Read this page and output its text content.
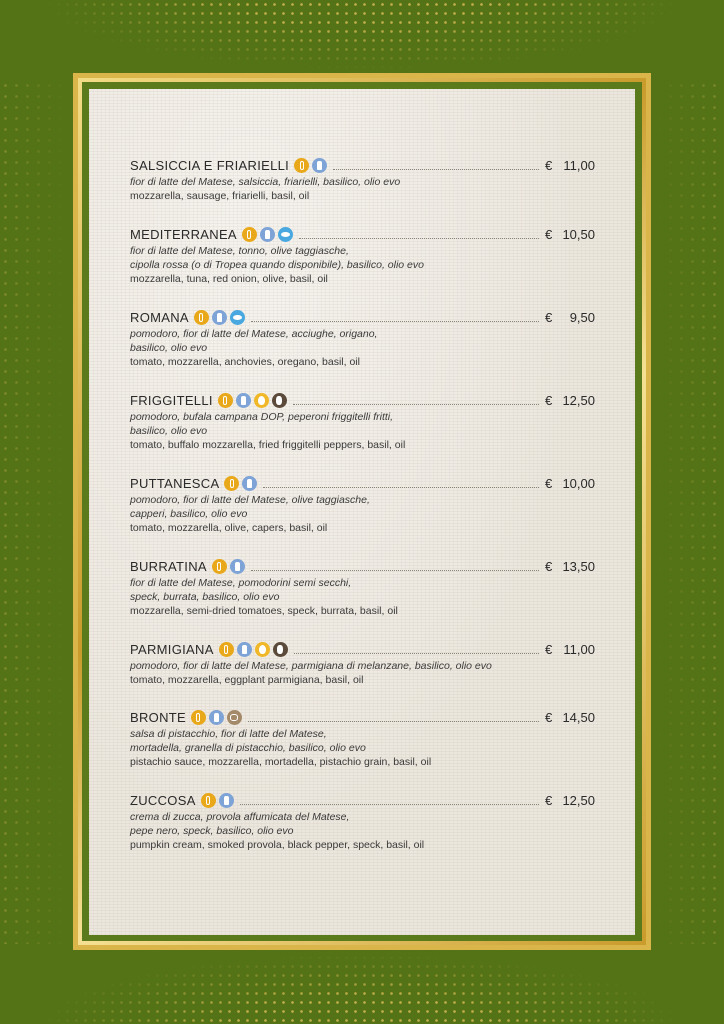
SALSICCIA E FRIARIELLI	€ 11,00
fior di latte del Matese, salsiccia, friarielli, basilico, olio evo
mozzarella, sausage, friarielli, basil, oil
MEDITERRANEA	€ 10,50
fior di latte del Matese, tonno, olive taggiasche,
cipolla rossa (o di Tropea quando disponibile), basilico, olio evo
mozzarella, tuna, red onion, olive, basil, oil
ROMANA	€ 9,50
pomodoro, fior di latte del Matese, acciughe, origano,
basilico, olio evo
tomato, mozzarella, anchovies, oregano, basil, oil
FRIGGITELLI	€ 12,50
pomodoro, bufala campana DOP, peperoni friggitelli fritti,
basilico, olio evo
tomato, buffalo mozzarella, fried friggitelli peppers, basil, oil
PUTTANESCA	€ 10,00
pomodoro, fior di latte del Matese, olive taggiasche,
capperi, basilico, olio evo
tomato, mozzarella, olive, capers, basil, oil
BURRATINA	€ 13,50
fior di latte del Matese, pomodorini semi secchi,
speck, burrata, basilico, olio evo
mozzarella, semi-dried tomatoes, speck, burrata, basil, oil
PARMIGIANA	€ 11,00
pomodoro, fior di latte del Matese, parmigiana di melanzane, basilico, olio evo
tomato, mozzarella, eggplant parmigiana, basil, oil
BRONTE	€ 14,50
salsa di pistacchio, fior di latte del Matese,
mortadella, granella di pistacchio, basilico, olio evo
pistachio sauce, mozzarella, mortadella, pistachio grain, basil, oil
ZUCCOSA	€ 12,50
crema di zucca, provola affumicata del Matese,
pepe nero, speck, basilico, olio evo
pumpkin cream, smoked provola, black pepper, speck, basil, oil
